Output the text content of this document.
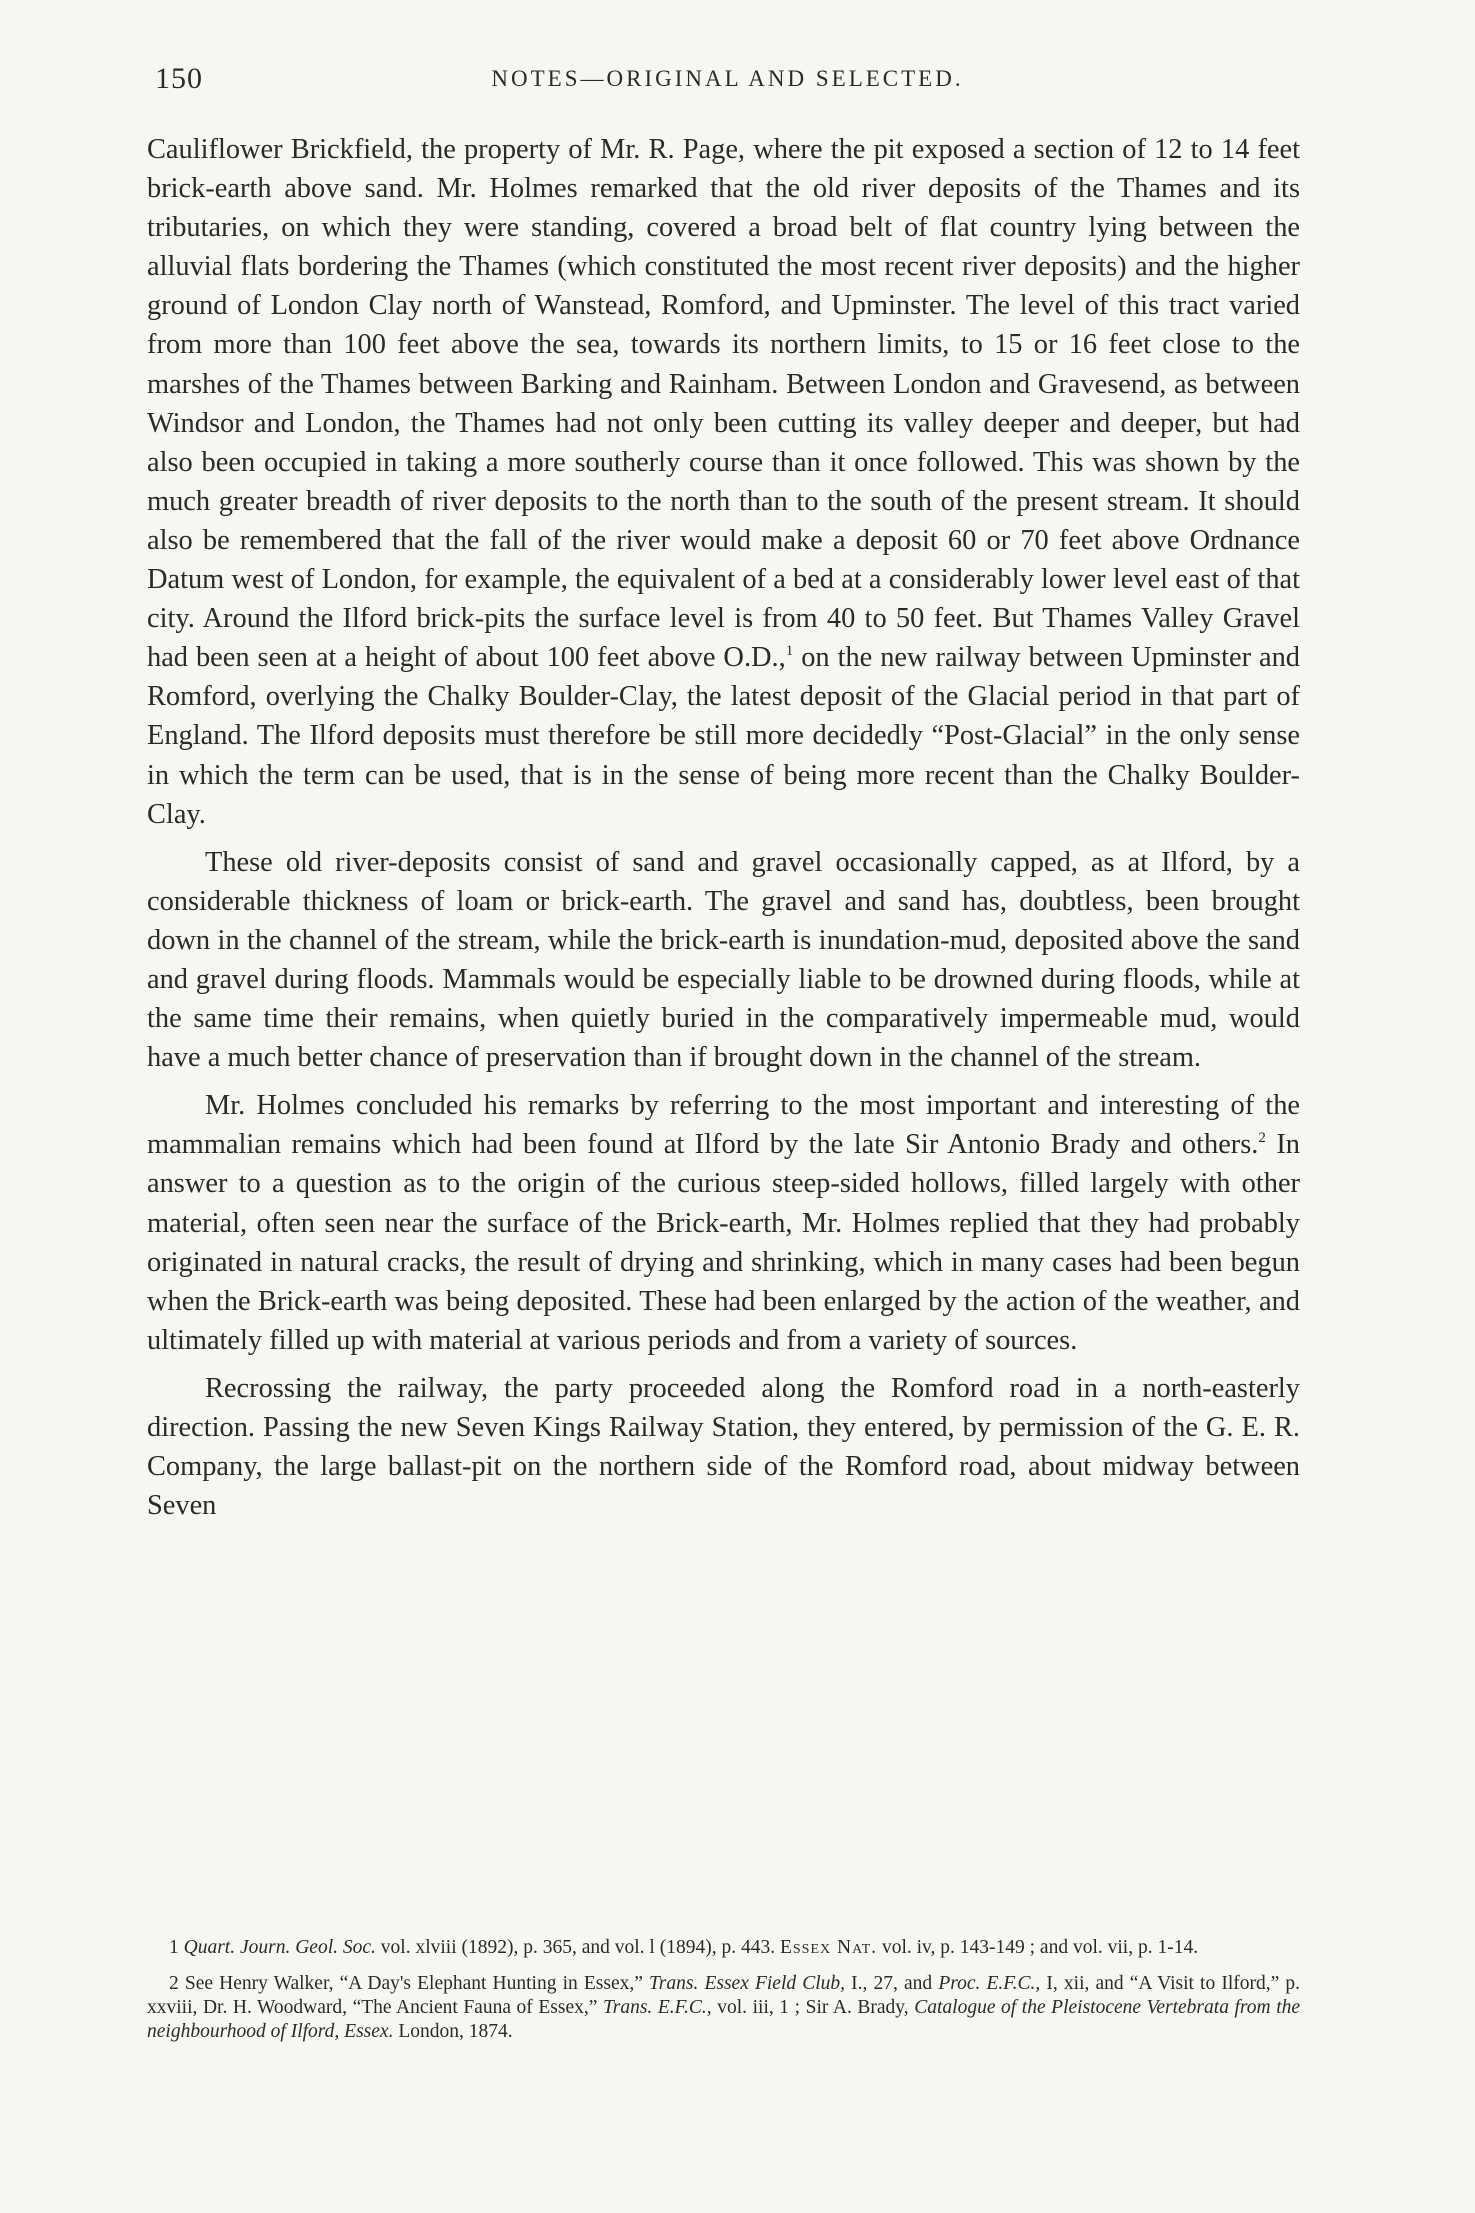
150	NOTES—ORIGINAL AND SELECTED.

Cauliflower Brickfield, the property of Mr. R. Page, where the pit exposed a section of 12 to 14 feet brick-earth above sand. Mr. Holmes remarked that the old river deposits of the Thames and its tributaries, on which they were standing, covered a broad belt of flat country lying between the alluvial flats bordering the Thames (which constituted the most recent river deposits) and the higher ground of London Clay north of Wanstead, Romford, and Upminster. The level of this tract varied from more than 100 feet above the sea, towards its northern limits, to 15 or 16 feet close to the marshes of the Thames between Barking and Rainham. Between London and Gravesend, as between Windsor and London, the Thames had not only been cutting its valley deeper and deeper, but had also been occupied in taking a more southerly course than it once followed. This was shown by the much greater breadth of river deposits to the north than to the south of the present stream. It should also be remembered that the fall of the river would make a deposit 60 or 70 feet above Ordnance Datum west of London, for example, the equivalent of a bed at a considerably lower level east of that city. Around the Ilford brick-pits the surface level is from 40 to 50 feet. But Thames Valley Gravel had been seen at a height of about 100 feet above O.D.,$^1$ on the new railway between Upminster and Romford, overlying the Chalky Boulder-Clay, the latest deposit of the Glacial period in that part of England. The Ilford deposits must therefore be still more decidedly “Post-Glacial” in the only sense in which the term can be used, that is in the sense of being more recent than the Chalky Boulder-Clay.

These old river-deposits consist of sand and gravel occasionally capped, as at Ilford, by a considerable thickness of loam or brick-earth. The gravel and sand has, doubtless, been brought down in the channel of the stream, while the brick-earth is inundation-mud, deposited above the sand and gravel during floods. Mammals would be especially liable to be drowned during floods, while at the same time their remains, when quietly buried in the comparatively impermeable mud, would have a much better chance of preservation than if brought down in the channel of the stream.

Mr. Holmes concluded his remarks by referring to the most important and interesting of the mammalian remains which had been found at Ilford by the late Sir Antonio Brady and others.$^2$ In answer to a question as to the origin of the curious steep-sided hollows, filled largely with other material, often seen near the surface of the Brick-earth, Mr. Holmes replied that they had probably originated in natural cracks, the result of drying and shrinking, which in many cases had been begun when the Brick-earth was being deposited. These had been enlarged by the action of the weather, and ultimately filled up with material at various periods and from a variety of sources.

Recrossing the railway, the party proceeded along the Romford road in a north-easterly direction. Passing the new Seven Kings Railway Station, they entered, by permission of the G. E. R. Company, the large ballast-pit on the northern side of the Romford road, about midway between Seven

1 Quart. Journ. Geol. Soc. vol. xlviii (1892), p. 365, and vol. l (1894), p. 443. Essex Nat. vol. iv, p. 143-149 ; and vol. vii, p. 1-14.

2 See Henry Walker, “A Day's Elephant Hunting in Essex,” Trans. Essex Field Club, I., 27, and Proc. E.F.C., I, xii, and “A Visit to Ilford,” p. xxviii, Dr. H. Woodward, “The Ancient Fauna of Essex,” Trans. E.F.C., vol. iii, 1 ; Sir A. Brady, Catalogue of the Pleistocene Vertebrata from the neighbourhood of Ilford, Essex. London, 1874.
